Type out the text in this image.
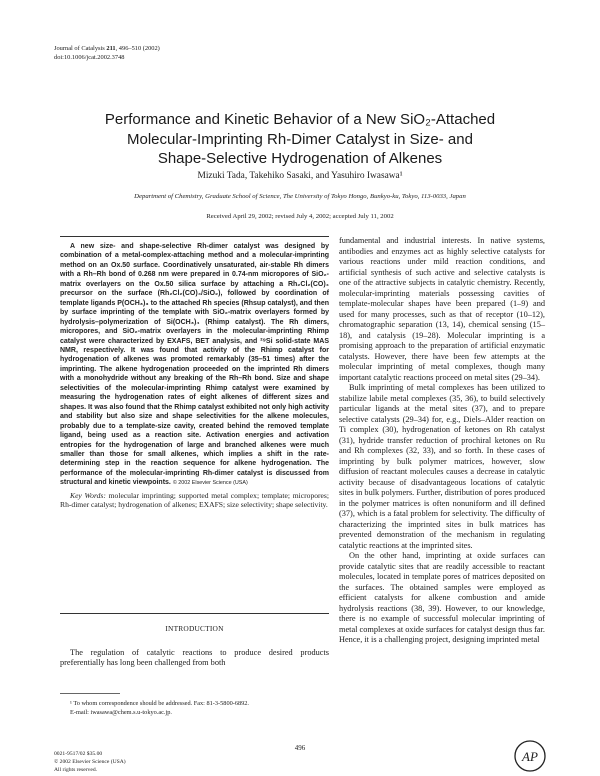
Journal of Catalysis 211, 496–510 (2002)
doi:10.1006/jcat.2002.3748
Performance and Kinetic Behavior of a New SiO₂-Attached
Molecular-Imprinting Rh-Dimer Catalyst in Size- and
Shape-Selective Hydrogenation of Alkenes
Mizuki Tada, Takehiko Sasaki, and Yasuhiro Iwasawa¹
Department of Chemistry, Graduate School of Science, The University of Tokyo Hongo, Bunkyo-ku, Tokyo, 113-0033, Japan
Received April 29, 2002; revised July 4, 2002; accepted July 11, 2002

A new size- and shape-selective Rh-dimer catalyst was designed by combination of a metal-complex-attaching method and a molecular-imprinting method on an Ox.50 surface. Coordinatively unsaturated, air-stable Rh dimers with a Rh–Rh bond of 0.268 nm were prepared in 0.74-nm micropores of SiO₂-matrix overlayers on the Ox.50 silica surface by attaching a Rh₂Cl₂(CO)₄ precursor on the surface (Rh₂Cl₂(CO)₄/SiO₂), followed by coordination of template ligands P(OCH₃)₃ to the attached Rh species (Rhsup catalyst), and then by surface imprinting of the template with SiO₂-matrix overlayers formed by hydrolysis–polymerization of Si(OCH₃)₄ (Rhimp catalyst). The Rh dimers, micropores, and SiO₂-matrix overlayers in the molecular-imprinting Rhimp catalyst were characterized by EXAFS, BET analysis, and ²⁹Si solid-state MAS NMR, respectively. It was found that activity of the Rhimp catalyst for hydrogenation of alkenes was promoted remarkably (35–51 times) after the imprinting. The alkene hydrogenation proceeded on the imprinted Rh dimers with a monohydride without any breaking of the Rh–Rh bond. Size and shape selectivities of the molecular-imprinting Rhimp catalyst were examined by measuring the hydrogenation rates of eight alkenes of different sizes and shapes. It was also found that the Rhimp catalyst exhibited not only high activity and stability but also size and shape selectivities for the alkene molecules, probably due to a template-size cavity, created behind the removed template ligand, being used as a reaction site. Activation energies and activation entropies for the hydrogenation of large and branched alkenes were much smaller than those for small alkenes, which implies a shift in the rate-determining step in the reaction sequence for alkene hydrogenation. The performance of the molecular-imprinting Rh-dimer catalyst is discussed from structural and kinetic viewpoints. © 2002 Elsevier Science (USA)

Key Words: molecular imprinting; supported metal complex; template; micropores; Rh-dimer catalyst; hydrogenation of alkenes; EXAFS; size selectivity; shape selectivity.

INTRODUCTION
The regulation of catalytic reactions to produce desired products preferentially has long been challenged from both

¹ To whom correspondence should be addressed. Fax: 81-3-5800-6892.

E-mail: iwasawa@chem.s.u-tokyo.ac.jp.

fundamental and industrial interests. In native systems, antibodies and enzymes act as highly selective catalysts for various reactions under mild reaction conditions, and artificial synthesis of such active and selective catalysts is one of the attractive subjects in catalytic chemistry. Recently, molecular-imprinting materials possessing cavities of template-molecular shapes have been prepared (1–9) and used for many processes, such as that of receptor (10–12), chromatographic separation (13, 14), chemical sensing (15–18), and catalysis (19–28). Molecular imprinting is a promising approach to the preparation of artificial enzymatic catalysts. However, there have been few attempts at the molecular imprinting of metal complexes, though many important catalytic reactions proceed on metal sites (29–34).

Bulk imprinting of metal complexes has been utilized to stabilize labile metal complexes (35, 36), to build selectively particular ligands at the metal sites (37), and to prepare selective catalysts (29–34) for, e.g., Diels–Alder reaction on Ti complex (30), hydrogenation of ketones on Rh catalyst (31), hydride transfer reduction of prochiral ketones on Ru and Rh complexes (32, 33), and so forth. In these cases of imprinting by bulk polymer matrices, however, slow diffusion of reactant molecules causes a decrease in catalytic activity because of disadvantageous locations of catalytic sites in bulk polymers. Further, distribution of pores produced in the polymer matrices is often nonuniform and ill defined (37), which is a fatal problem for selectivity. The difficulty of characterizing the imprinted sites in bulk matrices has prevented demonstration of the mechanism in regulating catalytic reactions at the imprinted sites.

On the other hand, imprinting at oxide surfaces can provide catalytic sites that are readily accessible to reactant molecules, located in template pores of matrices deposited on the surfaces. The obtained samples were employed as efficient catalysts for alkene combustion and amide hydrolysis reactions (38, 39). However, to our knowledge, there is no example of successful molecular imprinting of metal complexes at oxide surfaces for catalyst design thus far. Hence, it is a challenging project, designing imprinted metal

496
0021-9517/02 $35.00
© 2002 Elsevier Science (USA)
All rights reserved.
AP
